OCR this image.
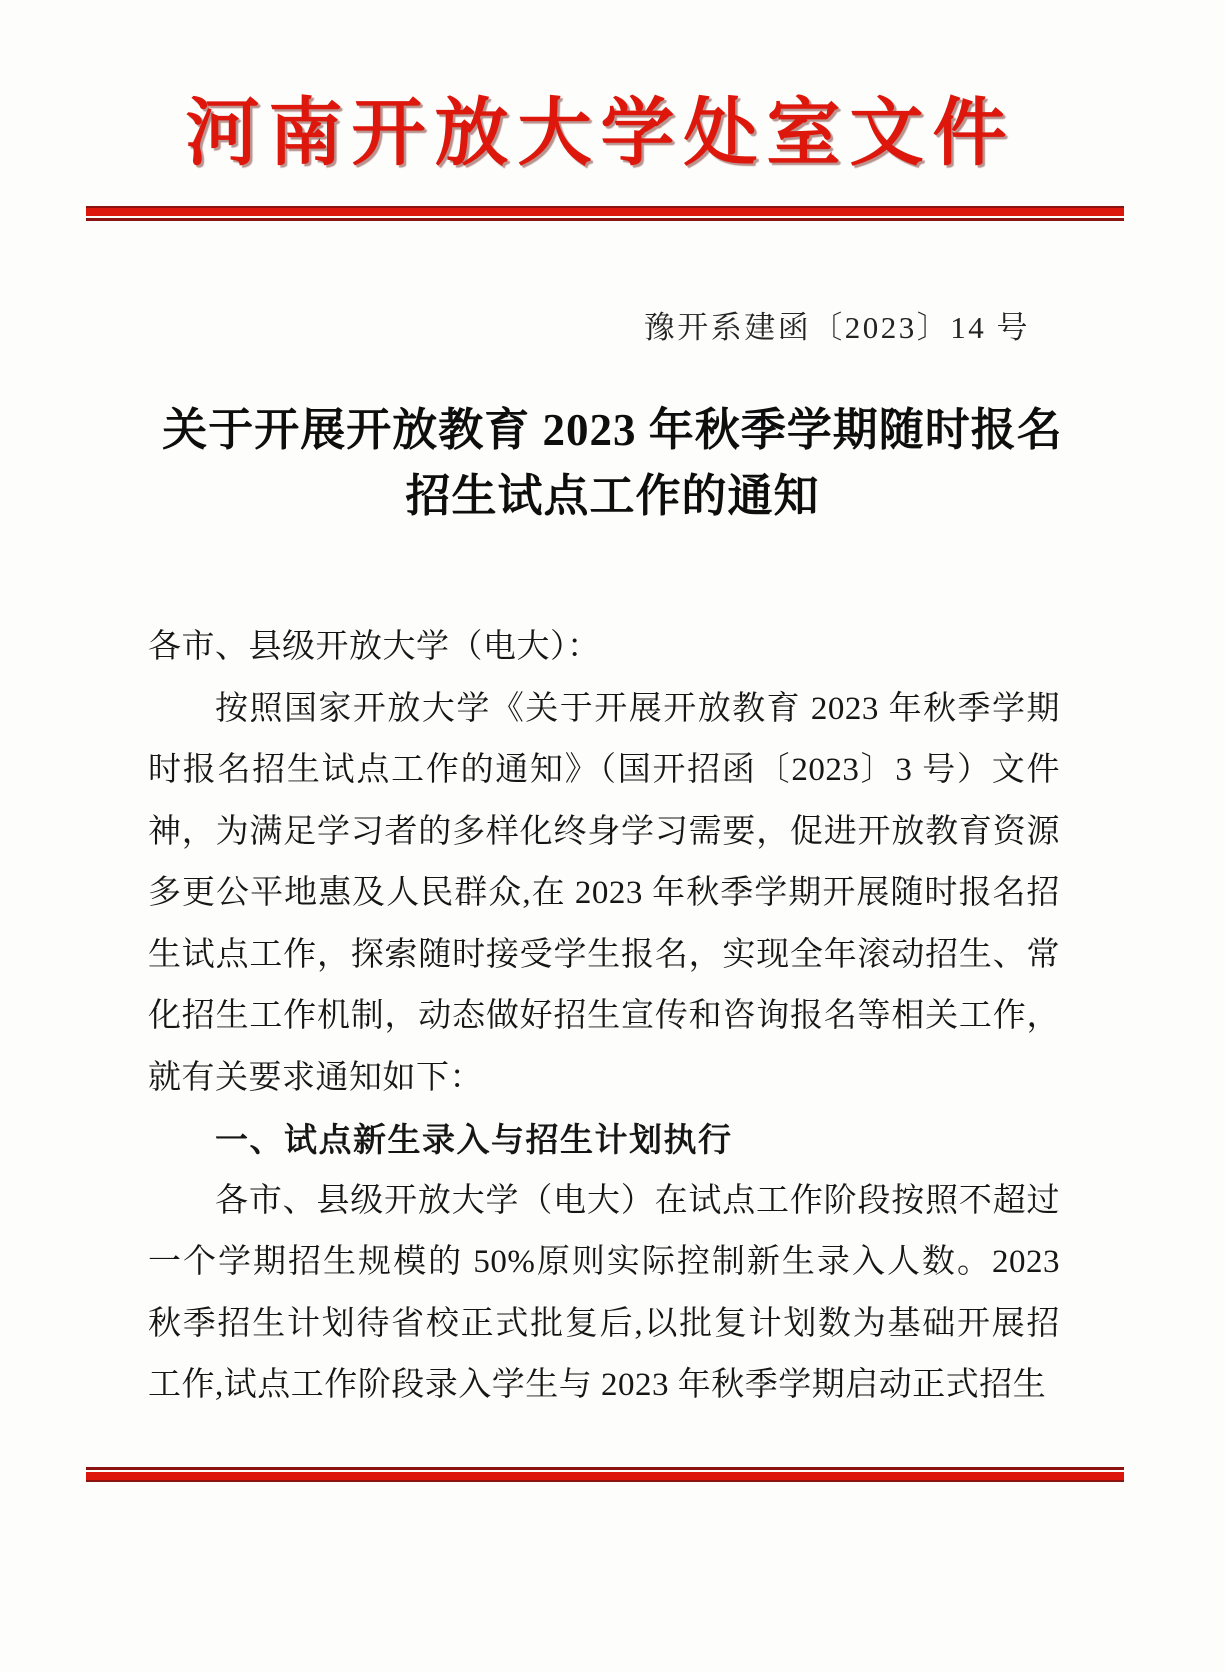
河南开放大学处室文件
豫开系建函〔2023〕14 号
关于开展开放教育 2023 年秋季学期随时报名
招生试点工作的通知
各市、县级开放大学（电大）：
按照国家开放大学《关于开展开放教育 2023 年秋季学期
时报名招生试点工作的通知》（国开招函〔2023〕3 号）文件
神，为满足学习者的多样化终身学习需要，促进开放教育资源
多更公平地惠及人民群众,在 2023 年秋季学期开展随时报名招
生试点工作，探索随时接受学生报名，实现全年滚动招生、常
化招生工作机制，动态做好招生宣传和咨询报名等相关工作，
就有关要求通知如下：
一、试点新生录入与招生计划执行
各市、县级开放大学（电大）在试点工作阶段按照不超过
一个学期招生规模的 50%原则实际控制新生录入人数。2023
秋季招生计划待省校正式批复后,以批复计划数为基础开展招
工作,试点工作阶段录入学生与 2023 年秋季学期启动正式招生
